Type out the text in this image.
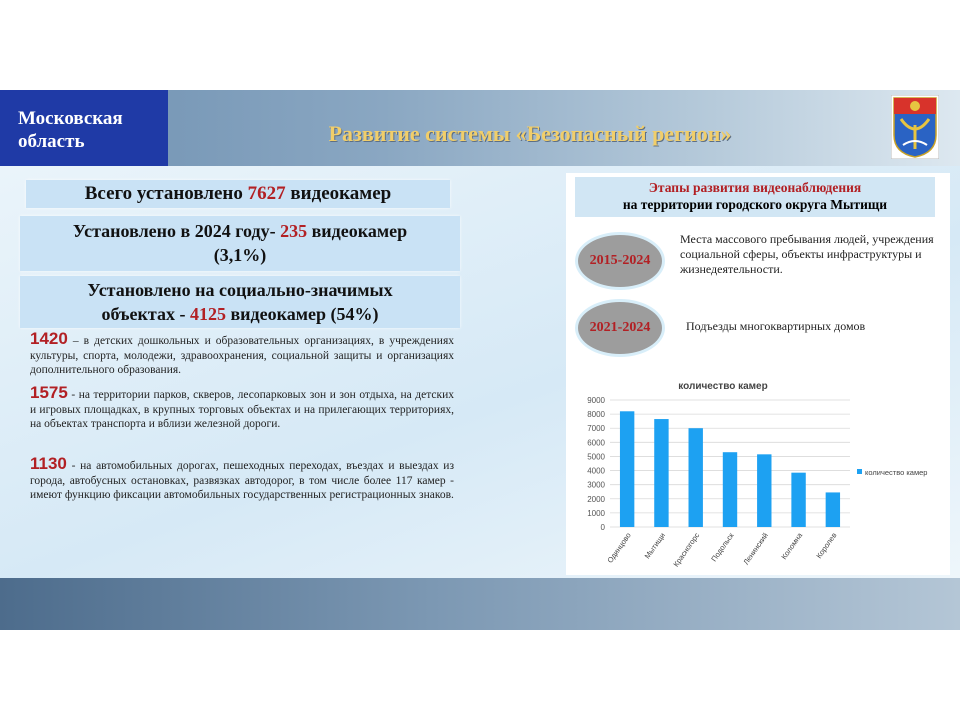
Московская
область	Развитие системы «Безопасный регион»
Всего установлено 7627 видеокамер
Установлено в 2024 году- 235 видеокамер
(3,1%)
Установлено на социально-значимых
объектах - 4125 видеокамер (54%)
1420 – в детских дошкольных и образовательных организациях, в учреждениях культуры, спорта, молодежи, здравоохранения, социальной защиты и организациях дополнительного образования.
1575 - на территории парков, скверов, лесопарковых зон и зон отдыха, на детских и игровых площадках, в крупных торговых объектах и на прилегающих территориях, на объектах транспорта и вблизи железной дороги.
1130 - на автомобильных дорогах, пешеходных переходах, въездах и выездах из города, автобусных остановках, развязках автодорог, в том числе более 117 камер - имеют функцию фиксации автомобильных государственных регистрационных знаков.
Этапы развития видеонаблюдения
на территории городского округа Мытищи
2015-2024
Места массового пребывания людей, учреждения социальной сферы, объекты инфраструктуры и жизнедеятельности.
2021-2024	Подъезды многоквартирных домов
количество камер
0
1000
2000
3000
4000
5000
6000
7000
8000
9000
Одинцово Мытищи Красногорс Подольск Ленинский Коломна Королев
количество камер
